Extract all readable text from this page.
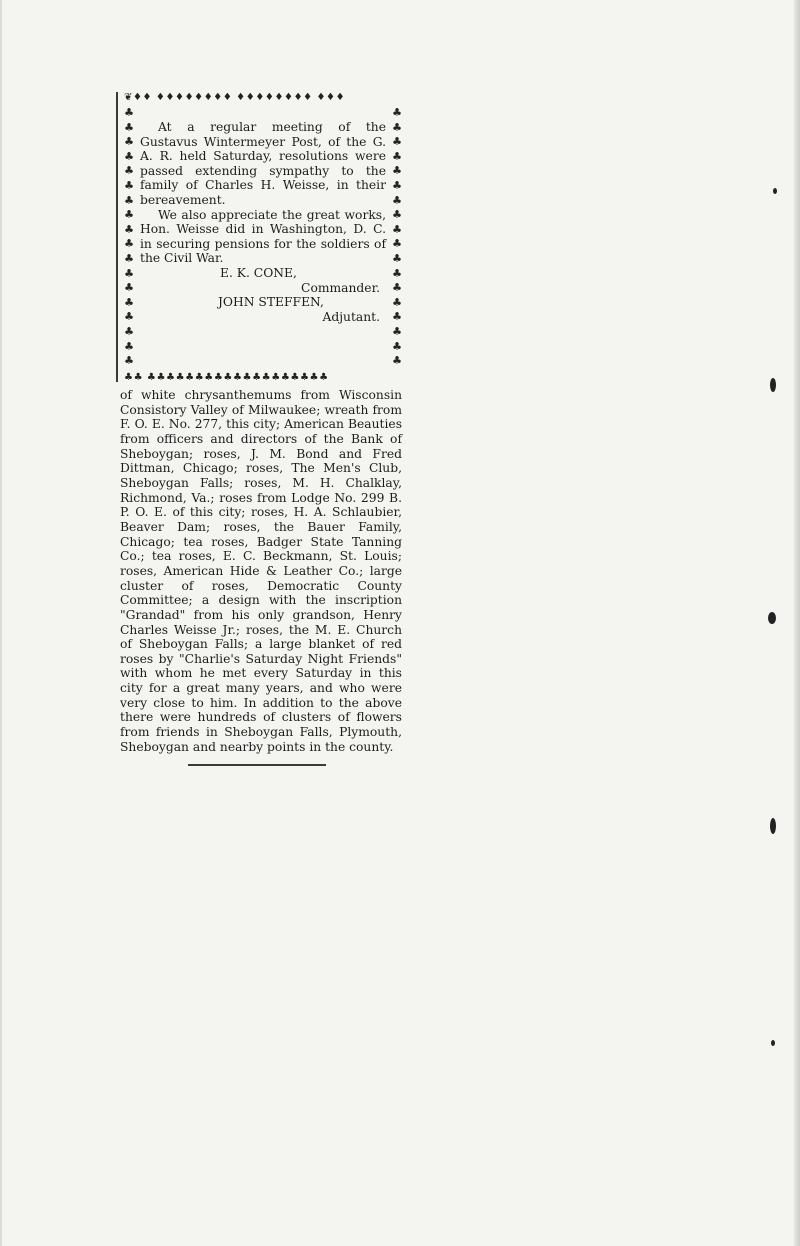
❦♦♦ ♦♦♦♦♦♦♦♦ ♦♦♦♦♦♦♦♦ ♦♦♦
♣
♣
♣
♣
♣
♣
♣
♣
♣
♣
♣
♣
♣
♣
♣
♣
♣
♣
♣
♣
♣
♣
♣
♣
♣
♣
♣
♣
♣
♣
♣
♣
♣
♣
♣
♣

At a regular meeting of the Gustavus Wintermeyer Post, of the G. A. R. held Saturday, resolutions were passed extending sympathy to the family of Charles H. Weisse, in their bereavement.

We also appreciate the great works, Hon. Weisse did in Washington, D. C. in securing pensions for the soldiers of the Civil War.

E. K. CONE,

Commander.

JOHN STEFFEN,

Adjutant.

♣♣ ♣♣♣♣♣♣♣♣♣♣♣♣♣♣♣♣♣♣♣
of white chrysanthemums from Wisconsin Consistory Valley of Milwaukee; wreath from F. O. E. No. 277, this city; American Beauties from officers and directors of the Bank of Sheboygan; roses, J. M. Bond and Fred Dittman, Chicago; roses, The Men's Club, Sheboygan Falls; roses, M. H. Chalklay, Richmond, Va.; roses from Lodge No. 299 B. P. O. E. of this city; roses, H. A. Schlaubier, Beaver Dam; roses, the Bauer Family, Chicago; tea roses, Badger State Tanning Co.; tea roses, E. C. Beckmann, St. Louis; roses, American Hide & Leather Co.; large cluster of roses, Democratic County Committee; a design with the inscription "Grandad" from his only grandson, Henry Charles Weisse Jr.; roses, the M. E. Church of Sheboygan Falls; a large blanket of red roses by "Charlie's Saturday Night Friends" with whom he met every Saturday in this city for a great many years, and who were very close to him. In addition to the above there were hundreds of clusters of flowers from friends in Sheboygan Falls, Plymouth, Sheboygan and nearby points in the county.
